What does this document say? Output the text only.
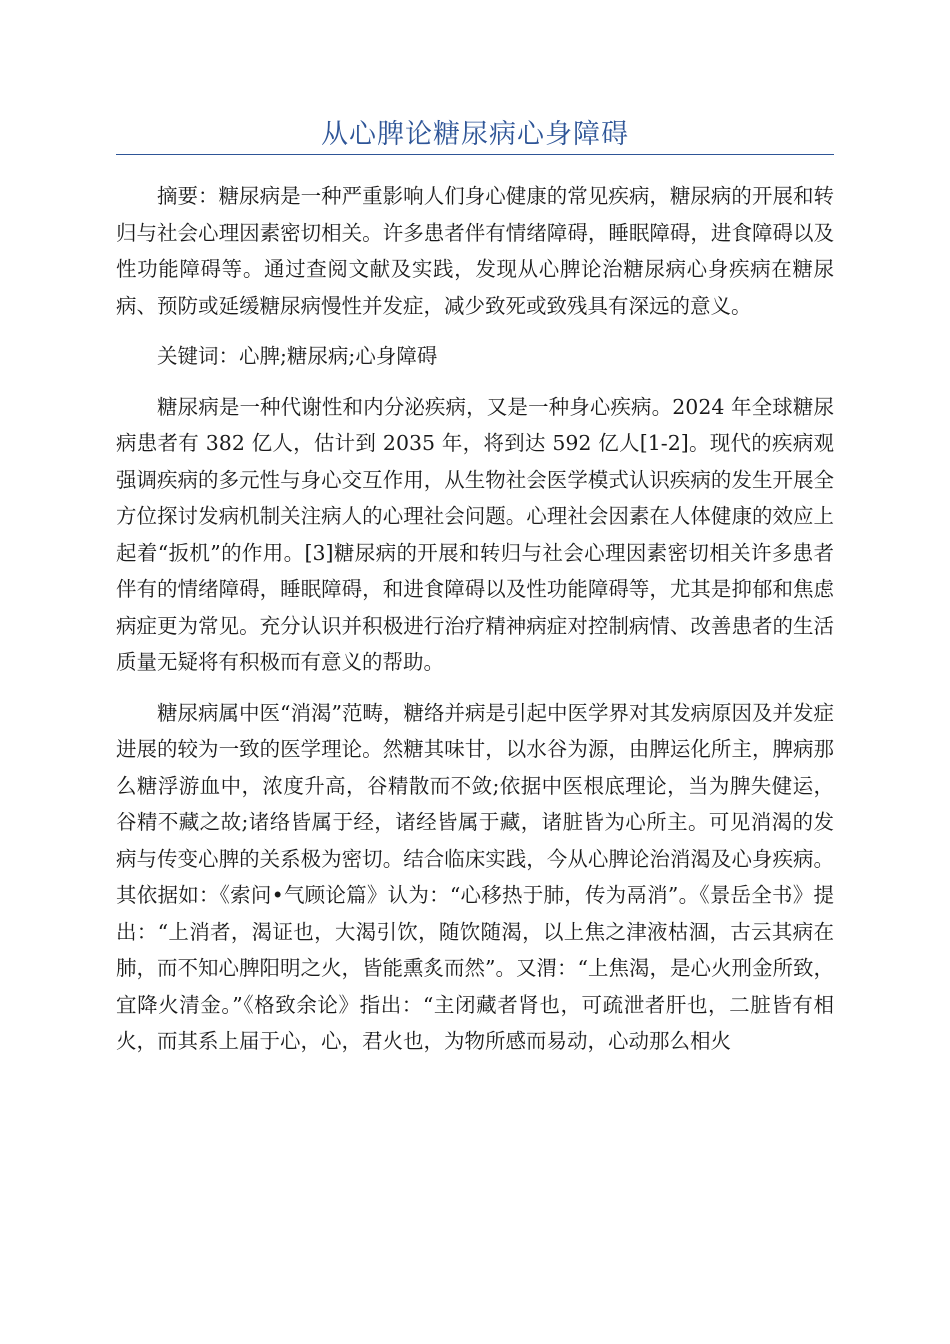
从心脾论糖尿病心身障碍

摘要：糖尿病是一种严重影响人们身心健康的常见疾病，糖尿病的开展和转归与社会心理因素密切相关。许多患者伴有情绪障碍，睡眠障碍，进食障碍以及性功能障碍等。通过查阅文献及实践，发现从心脾论治糖尿病心身疾病在糖尿病、预防或延缓糖尿病慢性并发症，减少致死或致残具有深远的意义。

关键词：心脾;糖尿病;心身障碍

糖尿病是一种代谢性和内分泌疾病，又是一种身心疾病。2024 年全球糖尿病患者有 382 亿人，估计到 2035 年，将到达 592 亿人[1-2]。现代的疾病观强调疾病的多元性与身心交互作用，从生物社会医学模式认识疾病的发生开展全方位探讨发病机制关注病人的心理社会问题。心理社会因素在人体健康的效应上起着“扳机”的作用。[3]糖尿病的开展和转归与社会心理因素密切相关许多患者伴有的情绪障碍，睡眠障碍，和进食障碍以及性功能障碍等，尤其是抑郁和焦虑病症更为常见。充分认识并积极进行治疗精神病症对控制病情、改善患者的生活质量无疑将有积极而有意义的帮助。

糖尿病属中医“消渴”范畴，糖络并病是引起中医学界对其发病原因及并发症进展的较为一致的医学理论。然糖其味甘，以水谷为源，由脾运化所主，脾病那么糖浮游血中，浓度升高，谷精散而不敛;依据中医根底理论，当为脾失健运，谷精不藏之故;诸络皆属于经，诸经皆属于藏，诸脏皆为心所主。可见消渴的发病与传变心脾的关系极为密切。结合临床实践，今从心脾论治消渴及心身疾病。其依据如：《索问•气顾论篇》认为：“心移热于肺，传为鬲消”。《景岳全书》提出：“上消者，渴证也，大渴引饮，随饮随渴，以上焦之津液枯涸，古云其病在肺，而不知心脾阳明之火，皆能熏炙而然”。又渭：“上焦渴，是心火刑金所致，宜降火清金。”《格致余论》指出：“主闭藏者肾也，可疏泄者肝也，二脏皆有相火，而其系上届于心，心，君火也，为物所感而易动，心动那么相火
